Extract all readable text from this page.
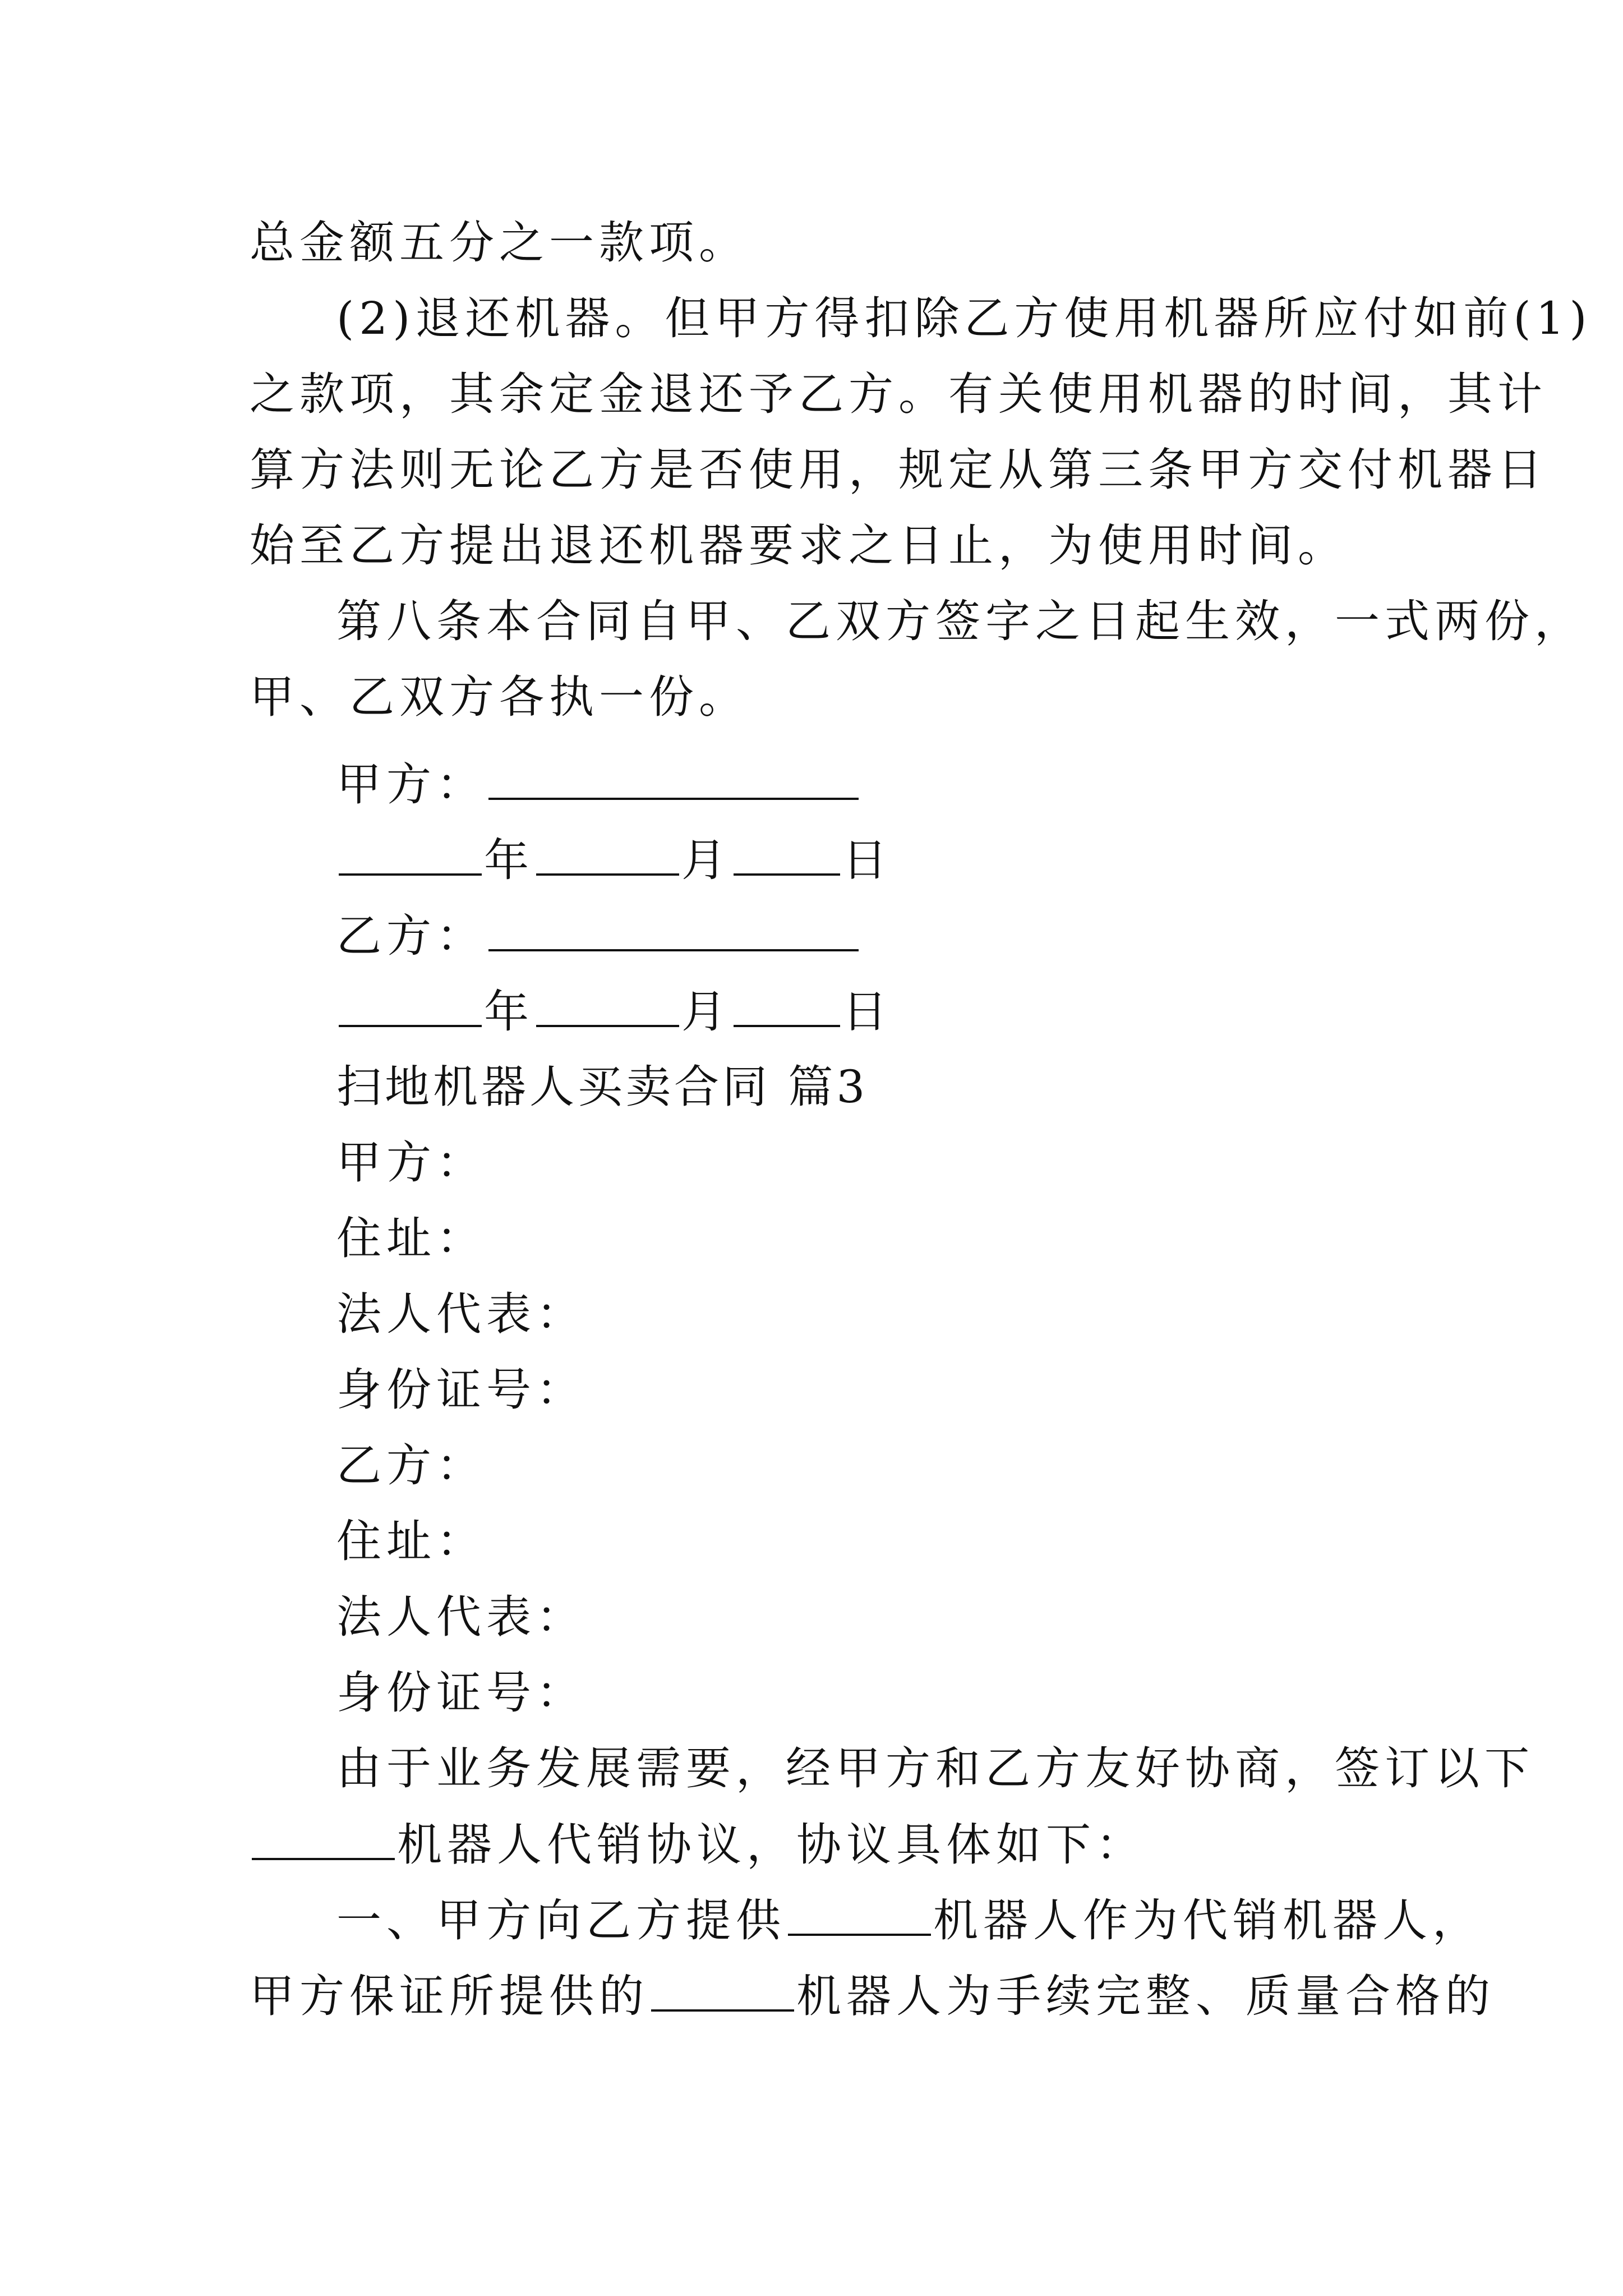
总金额五分之一款项。
(2)退还机器。但甲方得扣除乙方使用机器所应付如前(1)
之款项，其余定金退还予乙方。有关使用机器的时间，其计
算方法则无论乙方是否使用，规定从第三条甲方交付机器日
始至乙方提出退还机器要求之日止，为使用时间。
第八条本合同自甲、乙双方签字之日起生效，一式两份，
甲、乙双方各执一份。
甲方：
年	月 日
乙方：
年	月 日
扫地机器人买卖合同 篇3
甲方：
住址：
法人代表：
身份证号：
乙方：
住址：
法人代表：
身份证号：
由于业务发展需要，经甲方和乙方友好协商，签订以下
机器人代销协议，协议具体如下：
一、甲方向乙方提供	机器人作为代销机器人，
甲方保证所提供的	机器人为手续完整、质量合格的
